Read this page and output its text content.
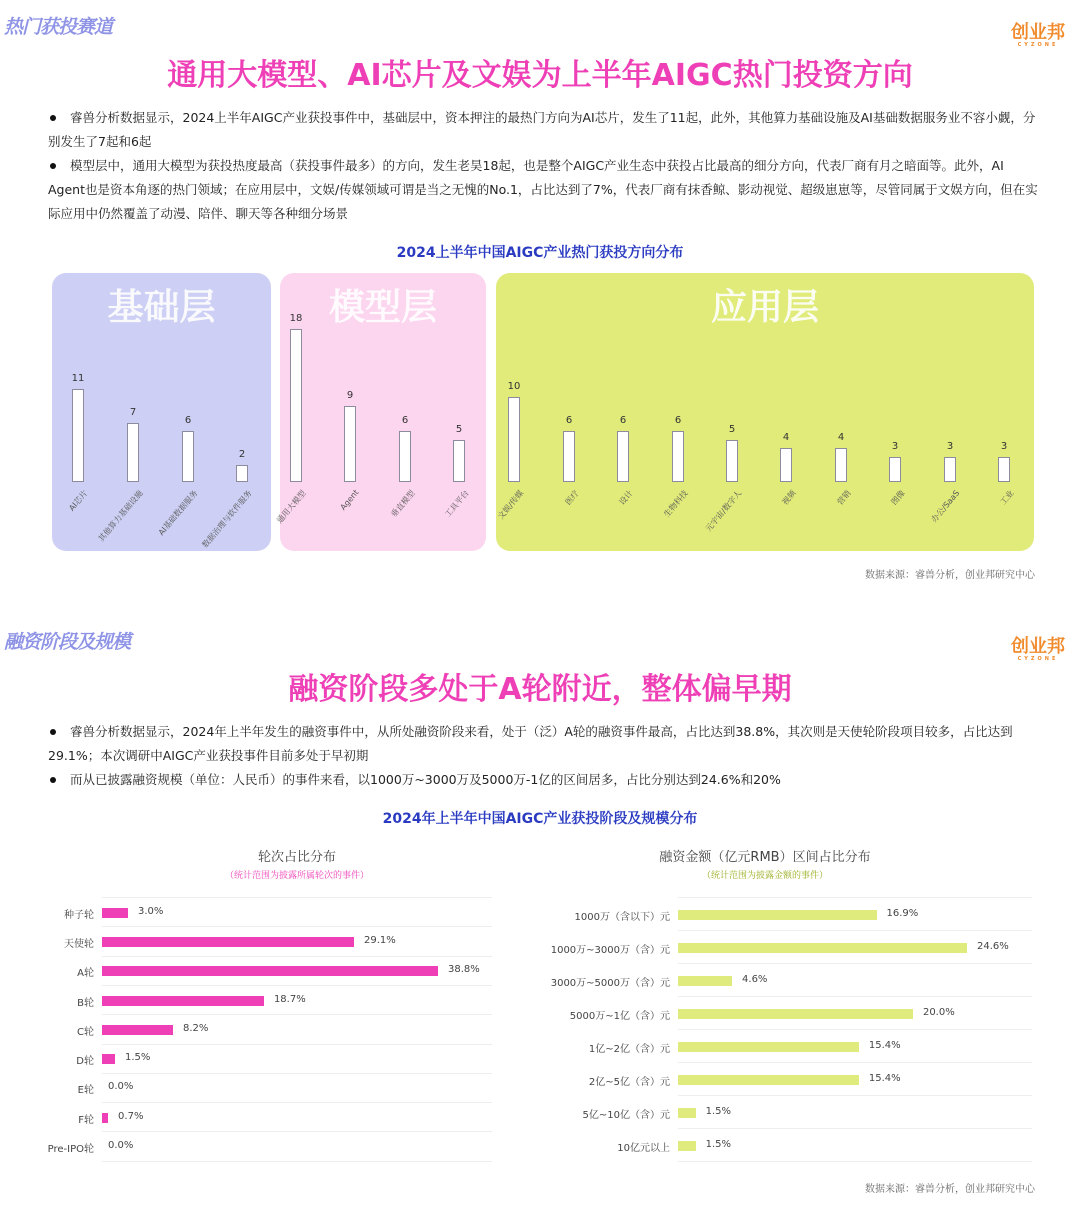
热门获投赛道	创业邦
CYZONE
通用大模型、AI芯片及文娱为上半年AIGC热门投资方向

睿兽分析数据显示，2024上半年AIGC产业获投事件中，基础层中，资本押注的最热门方向为AI芯片，发生了11起，此外，其他算力基础设施及AI基础数据服务业不容小觑，分别发生了7起和6起

模型层中，通用大模型为获投热度最高（获投事件最多）的方向，发生老昊18起，也是整个AIGC产业生态中获投占比最高的细分方向，代表厂商有月之暗面等。此外，AI Agent也是资本角逐的热门领域；在应用层中，文娱/传媒领域可谓是当之无愧的No.1，占比达到了7%，代表厂商有抹香鲸、影动视觉、超级崽崽等，尽管同属于文娱方向，但在实际应用中仍然覆盖了动漫、陪伴、聊天等各种细分场景

2024上半年中国AIGC产业热门获投方向分布
基础层	模型层	应用层
11
AI芯片
7
其他算力基础设施
6
AI基础数据服务
2
数据治理与软件服务
18
通用大模型
9
Agent
6
垂直模型
5
工具平台
10
文娱/传媒
6
医疗
6
设计
6
生物科技
5
元宇宙/数字人
4
视频
4
营销
3
图像
3
办公/SaaS
3
工业
数据来源：睿兽分析，创业邦研究中心
融资阶段及规模	创业邦
CYZONE
融资阶段多处于A轮附近，整体偏早期

睿兽分析数据显示，2024年上半年发生的融资事件中，从所处融资阶段来看，处于（泛）A轮的融资事件最高，占比达到38.8%，其次则是天使轮阶段项目较多，占比达到29.1%；本次调研中AIGC产业获投事件目前多处于早初期

而从已披露融资规模（单位：人民币）的事件来看，以1000万~3000万及5000万-1亿的区间居多，占比分别达到24.6%和20%

2024年上半年中国AIGC产业获投阶段及规模分布
轮次占比分布
（统计范围为披露所属轮次的事件）
种子轮	3.0%
天使轮	29.1%
A轮	38.8%
B轮	18.7%
C轮	8.2%
D轮	1.5%
E轮 0.0%
F轮 0.7%
Pre-IPO轮 0.0%
融资金额（亿元RMB）区间占比分布
（统计范围为披露金额的事件）
1000万（含以下）元	16.9%
1000万~3000万（含）元	24.6%
3000万~5000万（含）元	4.6%
5000万~1亿（含）元	20.0%
1亿~2亿（含）元	15.4%
2亿~5亿（含）元	15.4%
5亿~10亿（含）元	1.5%
10亿元以上	1.5%
数据来源：睿兽分析，创业邦研究中心
